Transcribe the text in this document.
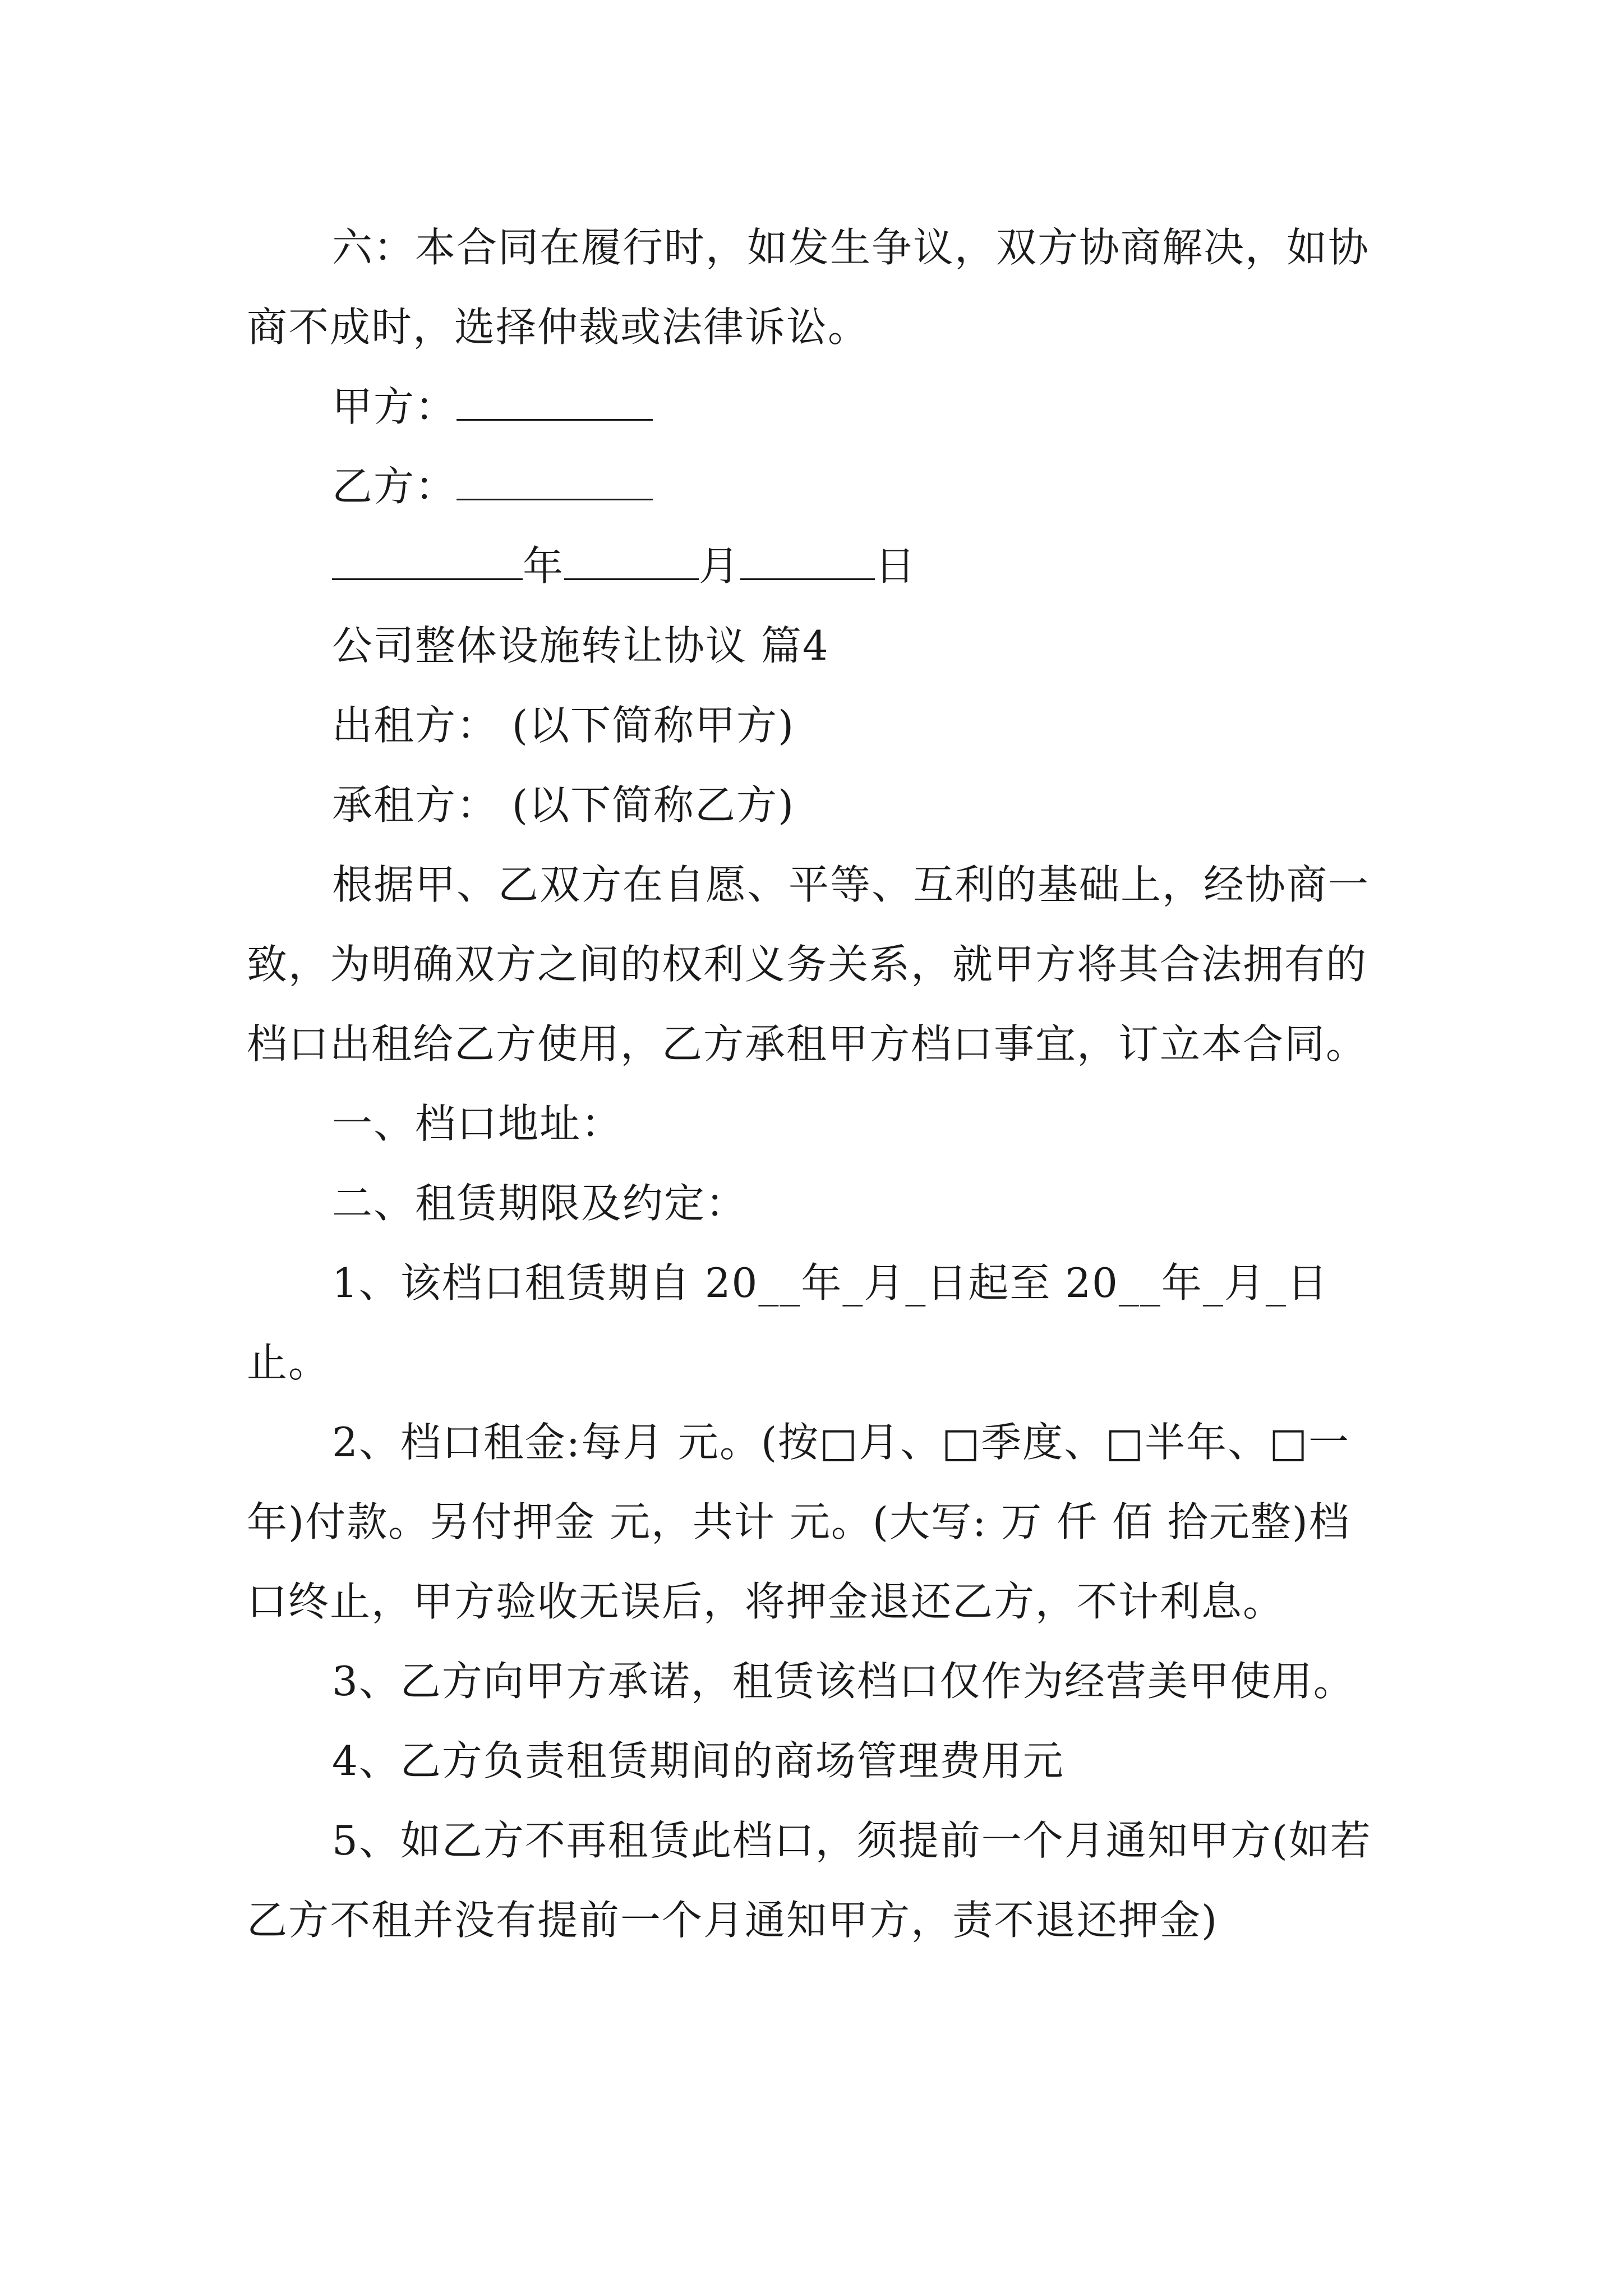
六：本合同在履行时，如发生争议，双方协商解决，如协商不成时，选择仲裁或法律诉讼。

甲方：

乙方：

年	月	日

公司整体设施转让协议 篇4

出租方： (以下简称甲方)

承租方： (以下简称乙方)

根据甲、乙双方在自愿、平等、互利的基础上，经协商一致，为明确双方之间的权利义务关系，就甲方将其合法拥有的档口出租给乙方使用，乙方承租甲方档口事宜，订立本合同。

一、档口地址：

二、租赁期限及约定：

1、该档口租赁期自 20__年_月_日起至 20__年_月_日止。

2、档口租金:每月 元。(按□月、□季度、□半年、□一年)付款。另付押金 元，共计 元。(大写: 万 仟 佰 拾元整)档口终止，甲方验收无误后，将押金退还乙方，不计利息。

3、乙方向甲方承诺，租赁该档口仅作为经营美甲使用。

4、乙方负责租赁期间的商场管理费用元

5、如乙方不再租赁此档口，须提前一个月通知甲方(如若乙方不租并没有提前一个月通知甲方，责不退还押金)
